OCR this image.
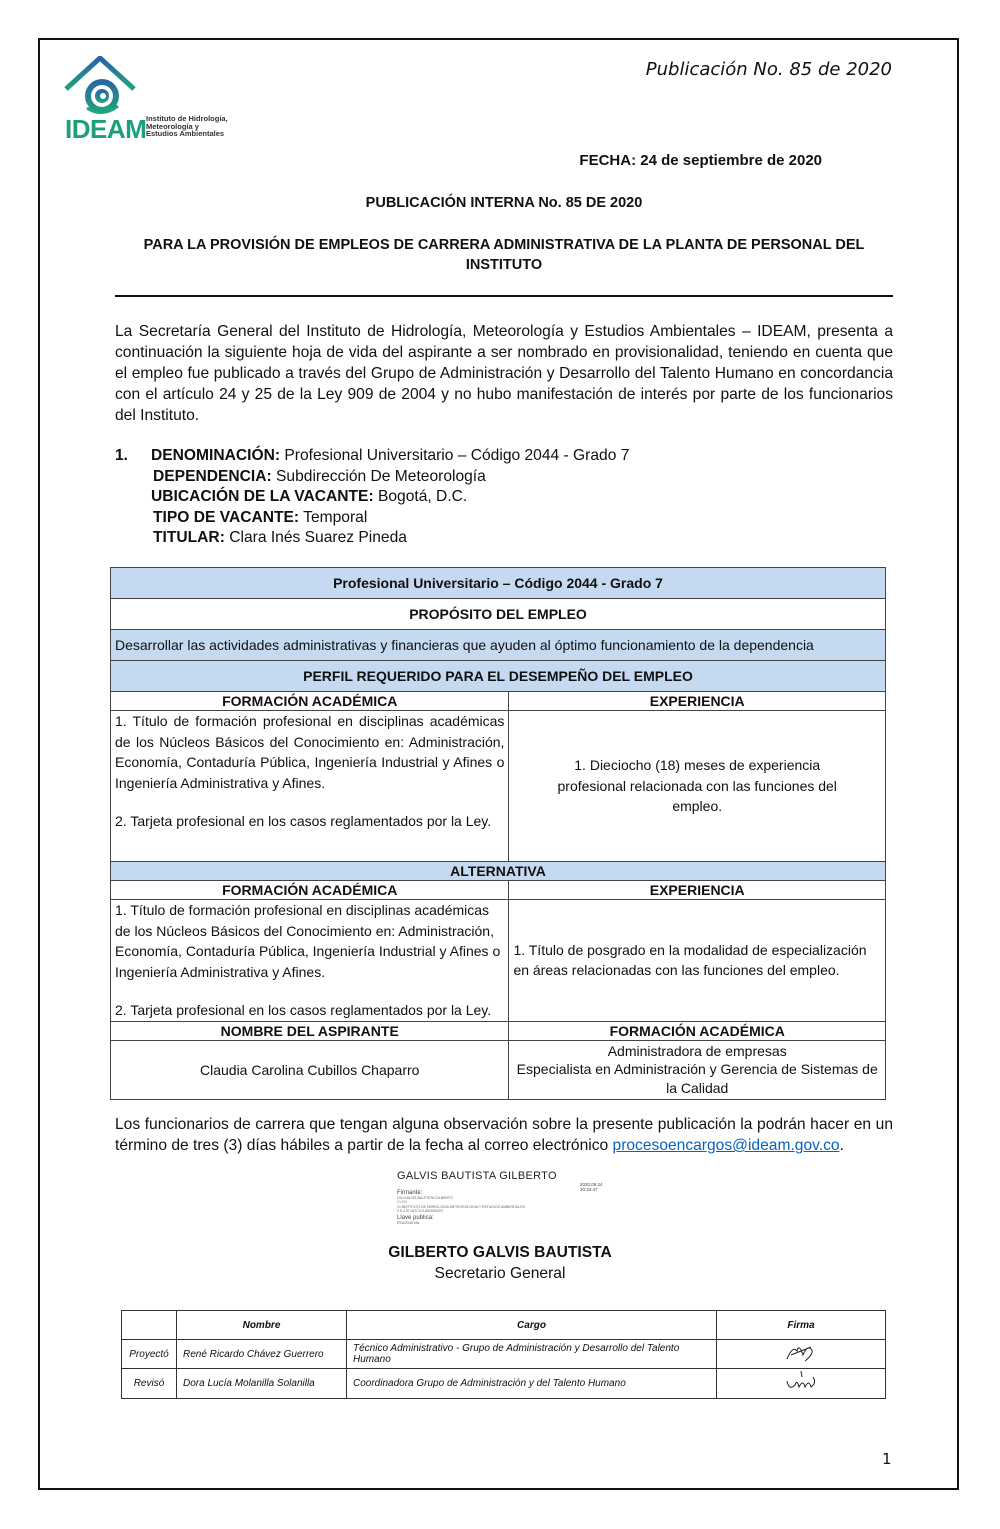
IDEAM Instituto de Hidrología,
Meteorología y
Estudios Ambientales
Publicación No. 85 de 2020
FECHA: 24 de septiembre de 2020
PUBLICACIÓN INTERNA No. 85 DE 2020
PARA LA PROVISIÓN DE EMPLEOS DE CARRERA ADMINISTRATIVA DE LA PLANTA DE PERSONAL DEL INSTITUTO
La Secretaría General del Instituto de Hidrología, Meteorología y Estudios Ambientales – IDEAM, presenta a continuación la siguiente hoja de vida del aspirante a ser nombrado en provisionalidad, teniendo en cuenta que el empleo fue publicado a través del Grupo de Administración y Desarrollo del Talento Humano en concordancia con el artículo 24 y 25 de la Ley 909 de 2004 y no hubo manifestación de interés por parte de los funcionarios del Instituto.
1. DENOMINACIÓN: Profesional Universitario – Código 2044 - Grado 7
DEPENDENCIA: Subdirección De Meteorología
UBICACIÓN DE LA VACANTE: Bogotá, D.C.
TIPO DE VACANTE: Temporal
TITULAR: Clara Inés Suarez Pineda
Profesional Universitario – Código 2044 - Grado 7	
PROPÓSITO DEL EMPLEO	
Desarrollar las actividades administrativas y financieras que ayuden al óptimo funcionamiento de la dependencia	
PERFIL REQUERIDO PARA EL DESEMPEÑO DEL EMPLEO	
FORMACIÓN ACADÉMICA	EXPERIENCIA

1. Título de formación profesional en disciplinas académicas de los Núcleos Básicos del Conocimiento en: Administración, Economía, Contaduría Pública, Ingeniería Industrial y Afines o Ingeniería Administrativa y Afines.
2. Tarjeta profesional en los casos reglamentados por la Ley.	1. Dieciocho (18) meses de experiencia profesional relacionada con las funciones del empleo.
ALTERNATIVA	
FORMACIÓN ACADÉMICA	EXPERIENCIA

1. Título de formación profesional en disciplinas académicas de los Núcleos Básicos del Conocimiento en: Administración, Economía, Contaduría Pública, Ingeniería Industrial y Afines o Ingeniería Administrativa y Afines.
2. Tarjeta profesional en los casos reglamentados por la Ley.	1. Título de posgrado en la modalidad de especialización en áreas relacionadas con las funciones del empleo.
NOMBRE DEL ASPIRANTE	FORMACIÓN ACADÉMICA
Claudia Carolina Cubillos Chaparro	Administradora de empresas
Especialista en Administración y Gerencia de Sistemas de la Calidad
Los funcionarios de carrera que tengan alguna observación sobre la presente publicación la podrán hacer en un término de tres (3) días hábiles a partir de la fecha al correo electrónico procesoencargos@ideam.gov.co.
GALVIS BAUTISTA GILBERTO
2020.09.24 20:34:47
Firmante:
CN=GALVIS BAUTISTA GILBERTO
C=CO
O=INSTITUTO DE HIDROLOGIA METEOROLOGIA Y ESTUDIOS AMBIENTALES
2.5.4.97=NTCCO-800090023
Llave publica:
RSA/2048 bits
GILBERTO GALVIS BAUTISTA
Secretario General
	Nombre	Cargo	Firma
Proyectó	René Ricardo Chávez Guerrero	Técnico Administrativo - Grupo de Administración y Desarrollo del Talento Humano	
Revisó	Dora Lucía Molanilla Solanilla	Coordinadora Grupo de Administración y del Talento Humano	
1
